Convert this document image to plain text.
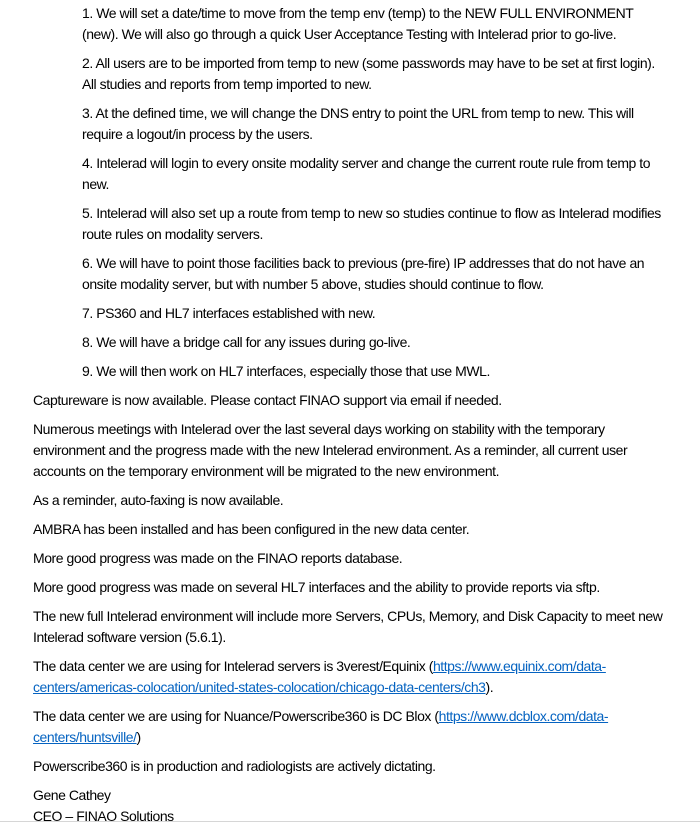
1. We will set a date/time to move from the temp env (temp) to the NEW FULL ENVIRONMENT (new). We will also go through a quick User Acceptance Testing with Intelerad prior to go-live.
2. All users are to be imported from temp to new (some passwords may have to be set at first login). All studies and reports from temp imported to new.
3. At the defined time, we will change the DNS entry to point the URL from temp to new. This will require a logout/in process by the users.
4. Intelerad will login to every onsite modality server and change the current route rule from temp to new.
5. Intelerad will also set up a route from temp to new so studies continue to flow as Intelerad modifies route rules on modality servers.
6. We will have to point those facilities back to previous (pre-fire) IP addresses that do not have an onsite modality server, but with number 5 above, studies should continue to flow.
7. PS360 and HL7 interfaces established with new.
8. We will have a bridge call for any issues during go-live.
9. We will then work on HL7 interfaces, especially those that use MWL.

Captureware is now available. Please contact FINAO support via email if needed.

Numerous meetings with Intelerad over the last several days working on stability with the temporary environment and the progress made with the new Intelerad environment. As a reminder, all current user accounts on the temporary environment will be migrated to the new environment.

As a reminder, auto-faxing is now available.

AMBRA has been installed and has been configured in the new data center.

More good progress was made on the FINAO reports database.

More good progress was made on several HL7 interfaces and the ability to provide reports via sftp.

The new full Intelerad environment will include more Servers, CPUs, Memory, and Disk Capacity to meet new Intelerad software version (5.6.1).

The data center we are using for Intelerad servers is 3verest/Equinix (https://www.equinix.com/data-centers/americas-colocation/united-states-colocation/chicago-data-centers/ch3).

The data center we are using for Nuance/Powerscribe360 is DC Blox (https://www.dcblox.com/data-centers/huntsville/)

Powerscribe360 is in production and radiologists are actively dictating.

Gene Cathey

CEO – FINAO Solutions
